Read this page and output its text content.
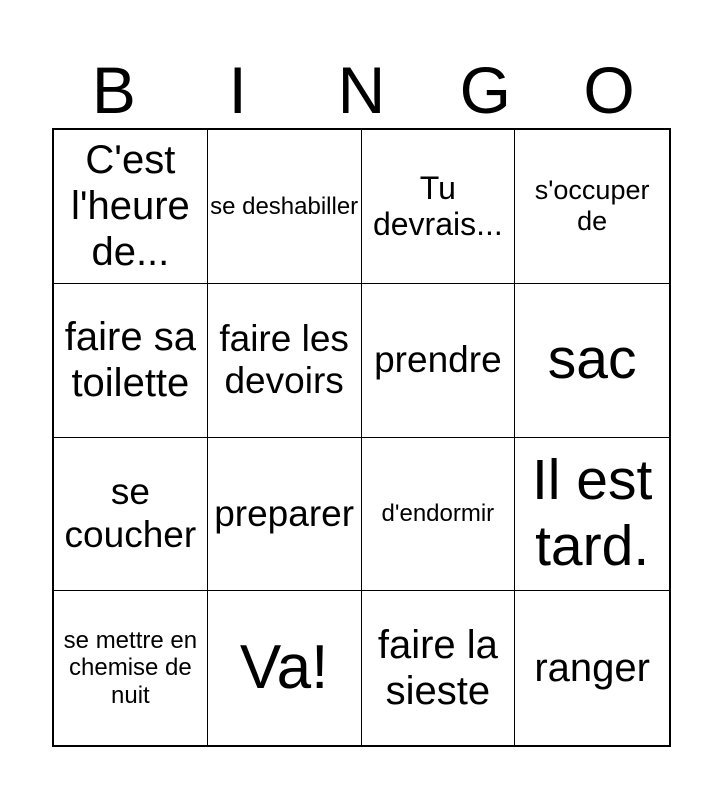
B	I	N	G	O
C'est l'heure de...
se deshabiller
Tu devrais...
s'occuper de
faire sa toilette
faire les devoirs
prendre sac
se coucher
preparer d'endormir
Il est tard.
se mettre en chemise de nuit	Va!	faire la sieste
ranger
